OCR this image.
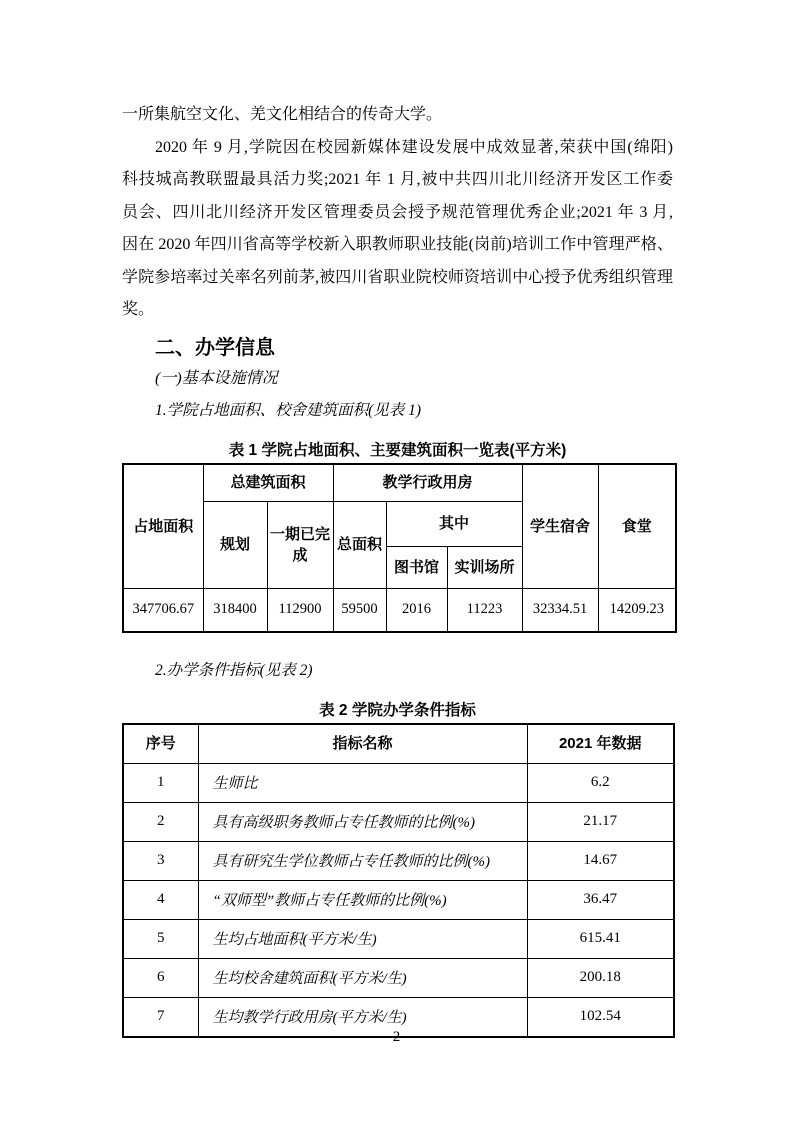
一所集航空文化、羌文化相结合的传奇大学。
2020 年 9 月,学院因在校园新媒体建设发展中成效显著,荣获中国(绵阳)
科技城高教联盟最具活力奖;2021 年 1 月,被中共四川北川经济开发区工作委
员会、四川北川经济开发区管理委员会授予规范管理优秀企业;2021 年 3 月,
因在 2020 年四川省高等学校新入职教师职业技能(岗前)培训工作中管理严格、
学院参培率过关率名列前茅,被四川省职业院校师资培训中心授予优秀组织管理
奖。
二、办学信息
(一)基本设施情况
1.学院占地面积、校舍建筑面积(见表 1)
表 1 学院占地面积、主要建筑面积一览表(平方米)
占地面积	总建筑面积		教学行政用房			学生宿舍	食堂
	规划	一期已完成	总面积	其中			
				图书馆	实训场所		
347706.67	318400	112900	59500	2016	11223	32334.51	14209.23
2.办学条件指标(见表 2)
表 2 学院办学条件指标
序号	指标名称	2021 年数据
1	生师比	6.2
2	具有高级职务教师占专任教师的比例(%)	21.17
3	具有研究生学位教师占专任教师的比例(%)	14.67
4	“双师型”教师占专任教师的比例(%)	36.47
5	生均占地面积(平方米/生)	615.41
6	生均校舍建筑面积(平方米/生)	200.18
7	生均教学行政用房(平方米/生)	102.54
2
